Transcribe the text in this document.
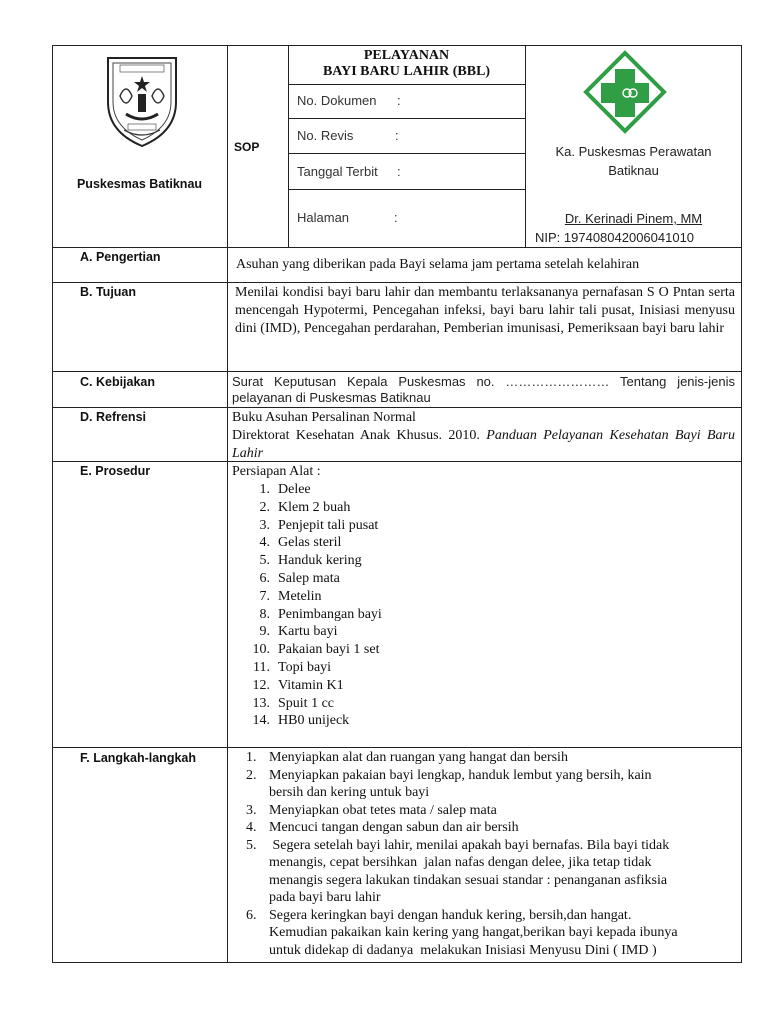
Puskesmas Batiknau
SOP
PELAYANAN
BAYI BARU LAHIR (BBL)
No. Dokumen :
No. Revis	:
Tanggal Terbit :
Halaman	:
Ka. Puskesmas Perawatan
Batiknau
Dr. Kerinadi Pinem, MM
NIP: 197408042006041010
A. Pengertian	Asuhan yang diberikan pada Bayi selama jam pertama setelah kelahiran
B. Tujuan	Menilai kondisi bayi baru lahir dan membantu terlaksananya pernafasan S O Pntan serta mencengah Hypotermi, Pencegahan infeksi, bayi baru lahir tali pusat, Inisiasi menyusu dini (IMD), Pencegahan perdarahan, Pemberian imunisasi, Pemeriksaan bayi baru lahir
C. Kebijakan	Surat Keputusan Kepala Puskesmas no. …………………… Tentang jenis-jenis pelayanan di Puskesmas Batiknau
D. Refrensi	Buku Asuhan Persalinan Normal
Direktorat Kesehatan Anak Khusus. 2010. Panduan Pelayanan Kesehatan Bayi Baru Lahir
E. Prosedur	Persiapan Alat :
1. Delee
2. Klem 2 buah
3. Penjepit tali pusat
4. Gelas steril
5. Handuk kering
6. Salep mata
7. Metelin
8. Penimbangan bayi
9. Kartu bayi
10. Pakaian bayi 1 set
11. Topi bayi
12. Vitamin K1
13. Spuit 1 cc
14. HB0 unijeck
F. Langkah-langkah	1. Menyiapkan alat dan ruangan yang hangat dan bersih
2. Menyiapkan pakaian bayi lengkap, handuk lembut yang bersih, kain
bersih dan kering untuk bayi
3. Menyiapkan obat tetes mata / salep mata
4. Mencuci tangan dengan sabun dan air bersih
5. Segera setelah bayi lahir, menilai apakah bayi bernafas. Bila bayi tidak
menangis, cepat bersihkan  jalan nafas dengan delee, jika tetap tidak
menangis segera lakukan tindakan sesuai standar : penanganan asfiksia
pada bayi baru lahir
6. Segera keringkan bayi dengan handuk kering, bersih,dan hangat.
Kemudian pakaikan kain kering yang hangat,berikan bayi kepada ibunya
untuk didekap di dadanya  melakukan Inisiasi Menyusu Dini ( IMD )
